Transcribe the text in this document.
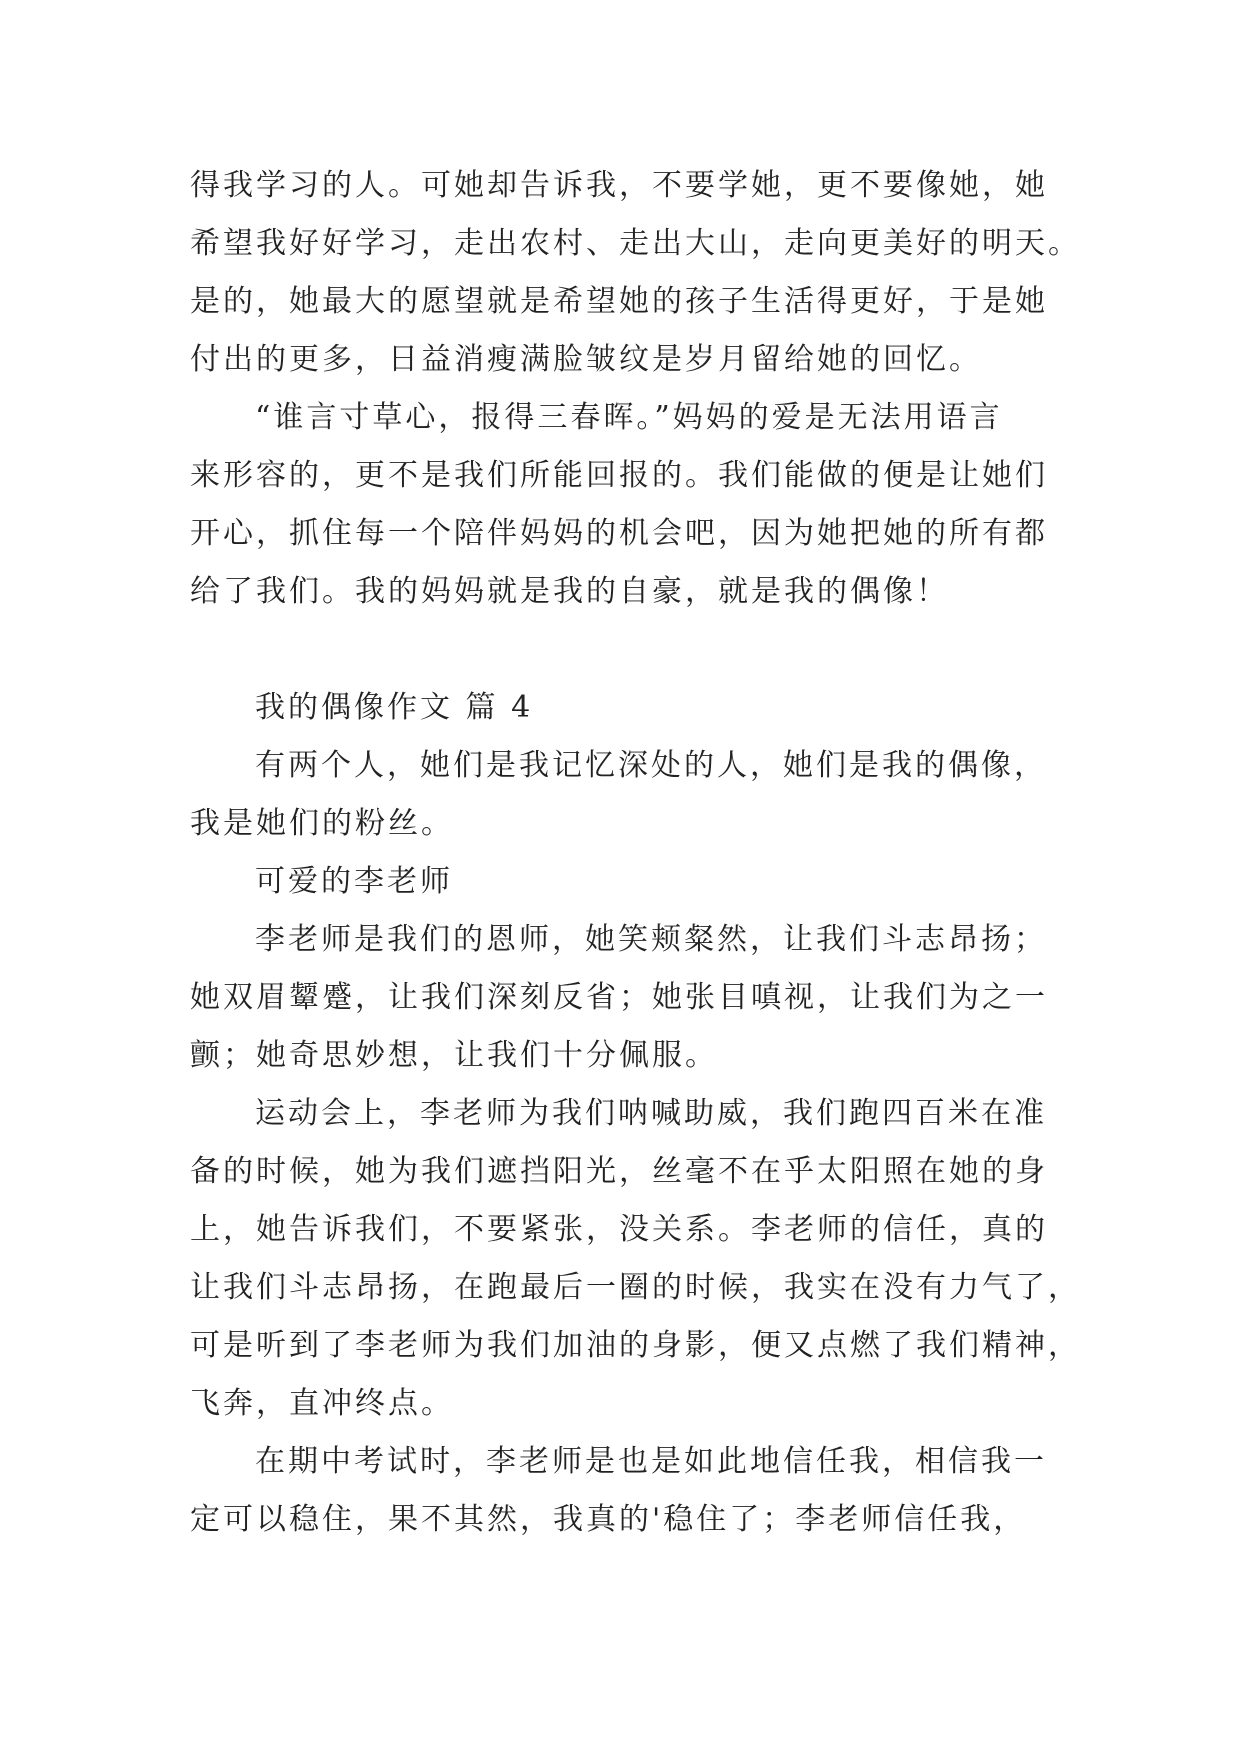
得我学习的人。可她却告诉我，不要学她，更不要像她，她
希望我好好学习，走出农村、走出大山，走向更美好的明天。
是的，她最大的愿望就是希望她的孩子生活得更好，于是她
付出的更多，日益消瘦满脸皱纹是岁月留给她的回忆。
“谁言寸草心，报得三春晖。”妈妈的爱是无法用语言
来形容的，更不是我们所能回报的。我们能做的便是让她们
开心，抓住每一个陪伴妈妈的机会吧，因为她把她的所有都
给了我们。我的妈妈就是我的自豪，就是我的偶像！
我的偶像作文 篇 4
有两个人，她们是我记忆深处的人，她们是我的偶像，
我是她们的粉丝。
可爱的李老师
李老师是我们的恩师，她笑颊粲然，让我们斗志昂扬；
她双眉颦蹙，让我们深刻反省；她张目嗔视，让我们为之一
颤；她奇思妙想，让我们十分佩服。
运动会上，李老师为我们呐喊助威，我们跑四百米在准
备的时候，她为我们遮挡阳光，丝毫不在乎太阳照在她的身
上，她告诉我们，不要紧张，没关系。李老师的信任，真的
让我们斗志昂扬，在跑最后一圈的时候，我实在没有力气了，
可是听到了李老师为我们加油的身影，便又点燃了我们精神，
飞奔，直冲终点。
在期中考试时，李老师是也是如此地信任我，相信我一
定可以稳住，果不其然，我真的'稳住了；李老师信任我，
